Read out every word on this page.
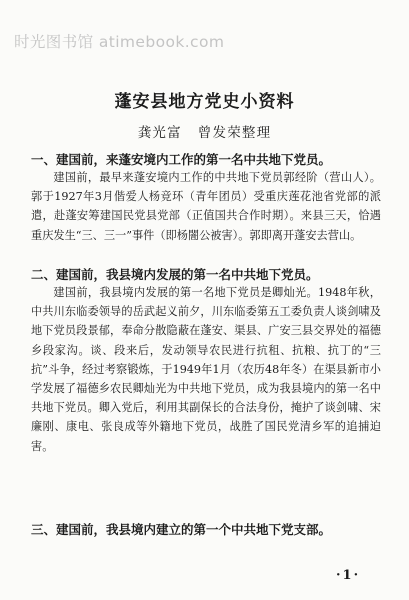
时光图书馆 atimebook.com
蓬安县地方党史小资料
龚光富 曾发荣整理
一、建国前，来蓬安境内工作的第一名中共地下党员。

建国前，最早来蓬安境内工作的中共地下党员郭经阶（营山人）。郭于1927年3月偕爱人杨竞环（青年团员）受重庆莲花池省党部的派遣，赴蓬安筹建国民党县党部（正值国共合作时期）。来县三天，恰遇重庆发生“三、三一”事件（即杨闇公被害）。郭即离开蓬安去营山。

二、建国前，我县境内发展的第一名中共地下党员。

建国前，我县境内发展的第一名地下党员是卿灿光。1948年秋，中共川东临委领导的岳武起义前夕，川东临委第五工委负责人谈剑啸及地下党员段景郁，奉命分散隐蔽在蓬安、渠县、广安三县交界处的福德乡段家沟。谈、段来后，发动领导农民进行抗租、抗粮、抗丁的“三抗”斗争，经过考察锻炼，于1949年1月（农历48年冬）在渠县新市小学发展了福德乡农民卿灿光为中共地下党员，成为我县境内的第一名中共地下党员。卿入党后，利用其副保长的合法身份，掩护了谈剑啸、宋廉刚、康电、张良成等外籍地下党员，战胜了国民党清乡军的追捕迫害。

三、建国前，我县境内建立的第一个中共地下党支部。
·1·
